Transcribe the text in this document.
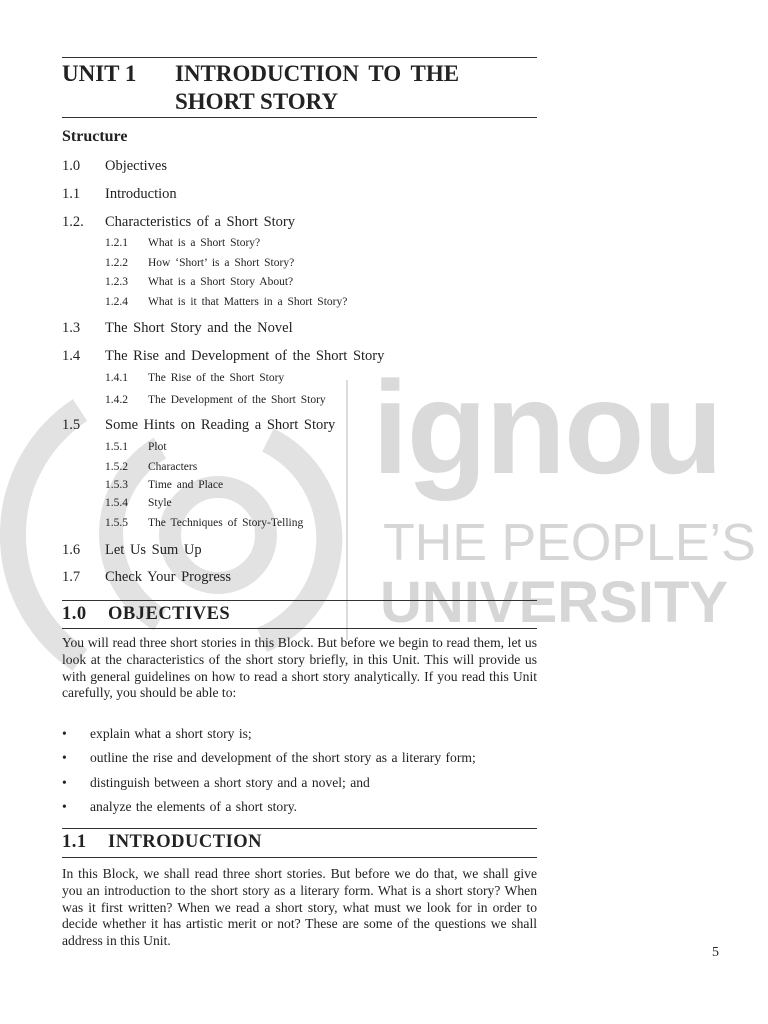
ignou
THE PEOPLE’S
UNIVERSITY
UNIT 1 INTRODUCTION TO THE
SHORT STORY
Structure
1.0 Objectives
1.1 Introduction
1.2. Characteristics of a Short Story
1.2.1 What is a Short Story?
1.2.2 How ‘Short’ is a Short Story?
1.2.3 What is a Short Story About?
1.2.4 What is it that Matters in a Short Story?
1.3 The Short Story and the Novel
1.4 The Rise and Development of the Short Story
1.4.1 The Rise of the Short Story
1.4.2 The Development of the Short Story
1.5 Some Hints on Reading a Short Story
1.5.1 Plot
1.5.2 Characters
1.5.3 Time and Place
1.5.4 Style
1.5.5 The Techniques of Story-Telling
1.6 Let Us Sum Up
1.7 Check Your Progress
1.0 OBJECTIVES
You will read three short stories in this Block. But before we begin to read them, let us look at the characteristics of the short story briefly, in this Unit. This will provide us with general guidelines on how to read a short story analytically. If you read this Unit carefully, you should be able to:
• explain what a short story is;
• outline the rise and development of the short story as a literary form;
• distinguish between a short story and a novel; and
• analyze the elements of a short story.
1.1 INTRODUCTION
In this Block, we shall read three short stories. But before we do that, we shall give you an introduction to the short story as a literary form. What is a short story? When was it first written? When we read a short story, what must we look for in order to decide whether it has artistic merit or not? These are some of the questions we shall address in this Unit.
5
